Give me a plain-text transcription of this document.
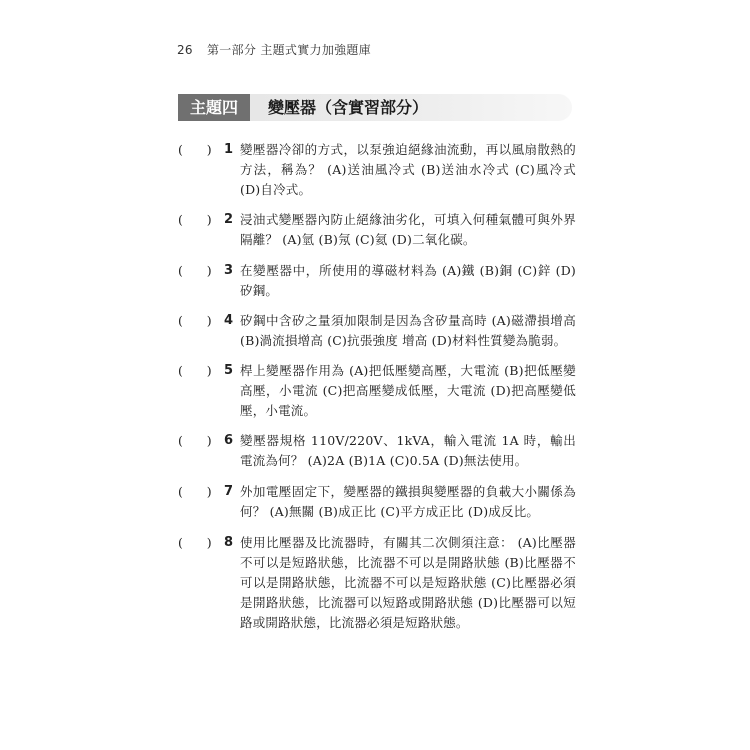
26 第一部分 主題式實力加強題庫
主題四	變壓器（含實習部分）
(      ) 1 變壓器冷卻的方式，以泵強迫絕緣油流動，再以風扇散熱的方法，稱為？ (A)送油風冷式 (B)送油水冷式 (C)風冷式 (D)自冷式。
(      ) 2 浸油式變壓器內防止絕緣油劣化，可填入何種氣體可與外界隔離？ (A)氫 (B)氖 (C)氦 (D)二氧化碳。
(      ) 3 在變壓器中，所使用的導磁材料為 (A)鐵 (B)銅 (C)鋅 (D)矽鋼。
(      ) 4 矽鋼中含矽之量須加限制是因為含矽量高時 (A)磁滯損增高 (B)渦流損增高 (C)抗張強度 增高 (D)材料性質變為脆弱。
(      ) 5 桿上變壓器作用為 (A)把低壓變高壓，大電流 (B)把低壓變高壓，小電流 (C)把高壓變成低壓，大電流 (D)把高壓變低壓，小電流。
(      ) 6 變壓器規格 110V/220V、1kVA，輸入電流 1A 時，輸出電流為何？ (A)2A (B)1A (C)0.5A (D)無法使用。
(      ) 7 外加電壓固定下，變壓器的鐵損與變壓器的負載大小關係為何？ (A)無關 (B)成正比 (C)平方成正比 (D)成反比。
(      ) 8 使用比壓器及比流器時，有關其二次側須注意： (A)比壓器不可以是短路狀態，比流器不可以是開路狀態 (B)比壓器不可以是開路狀態，比流器不可以是短路狀態 (C)比壓器必須是開路狀態，比流器可以短路或開路狀態 (D)比壓器可以短路或開路狀態，比流器必須是短路狀態。
